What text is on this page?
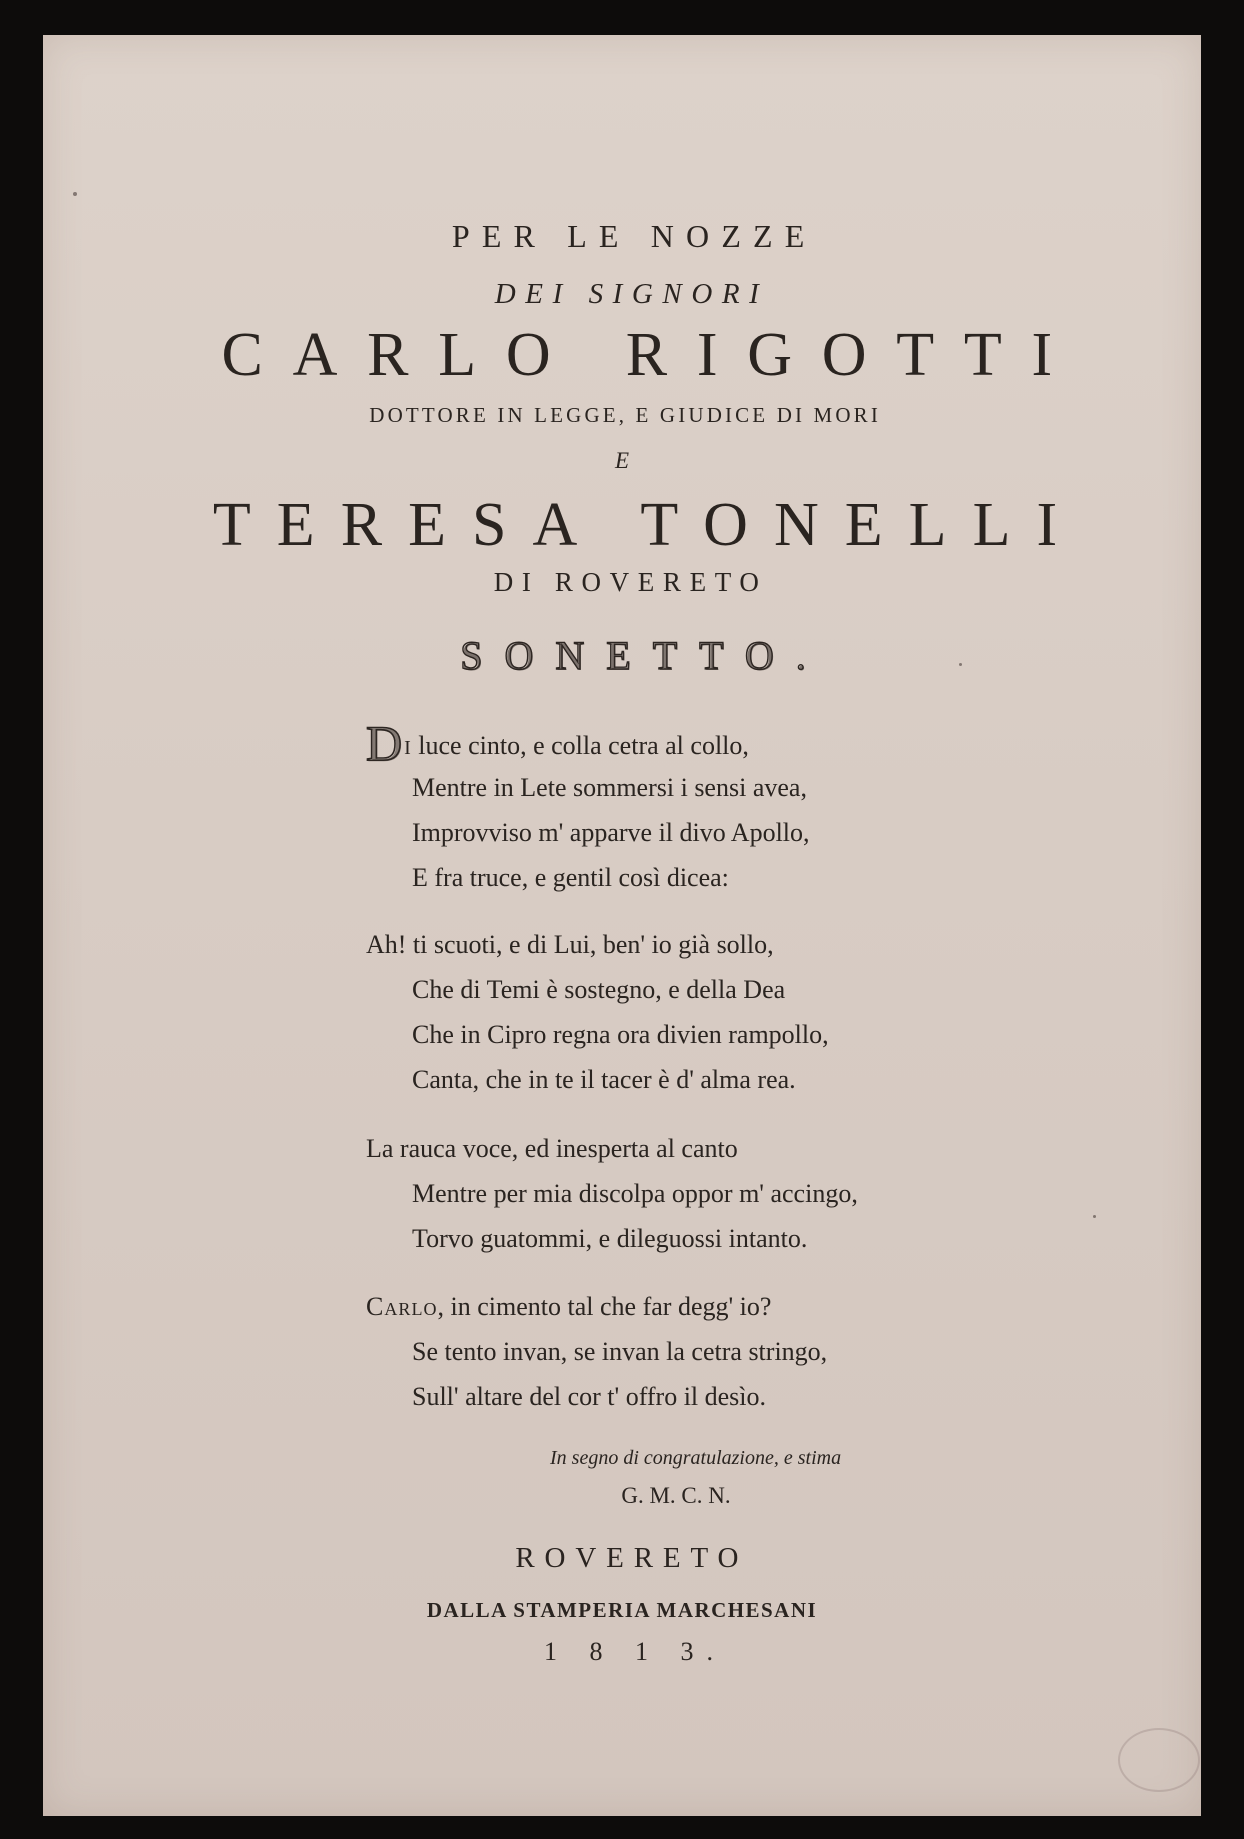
PER LE NOZZE
DEI SIGNORI
CARLO RIGOTTI
DOTTORE IN LEGGE, E GIUDICE DI MORI
E
TERESA TONELLI
DI ROVERETO
SONETTO.
D I luce cinto, e colla cetra al collo,
Mentre in Lete sommersi i sensi avea,
Improvviso m' apparve il divo Apollo,
E fra truce, e gentil così dicea:
Ah! ti scuoti, e di Lui, ben' io già sollo,
Che di Temi è sostegno, e della Dea
Che in Cipro regna ora divien rampollo,
Canta, che in te il tacer è d' alma rea.
La rauca voce, ed inesperta al canto
Mentre per mia discolpa oppor m' accingo,
Torvo guatommi, e dileguossi intanto.
Carlo, in cimento tal che far degg' io?
Se tento invan, se invan la cetra stringo,
Sull' altare del cor t' offro il desìo.
In segno di congratulazione, e stima
G. M. C. N.
ROVERETO
DALLA STAMPERIA MARCHESANI
1 8 1 3.
